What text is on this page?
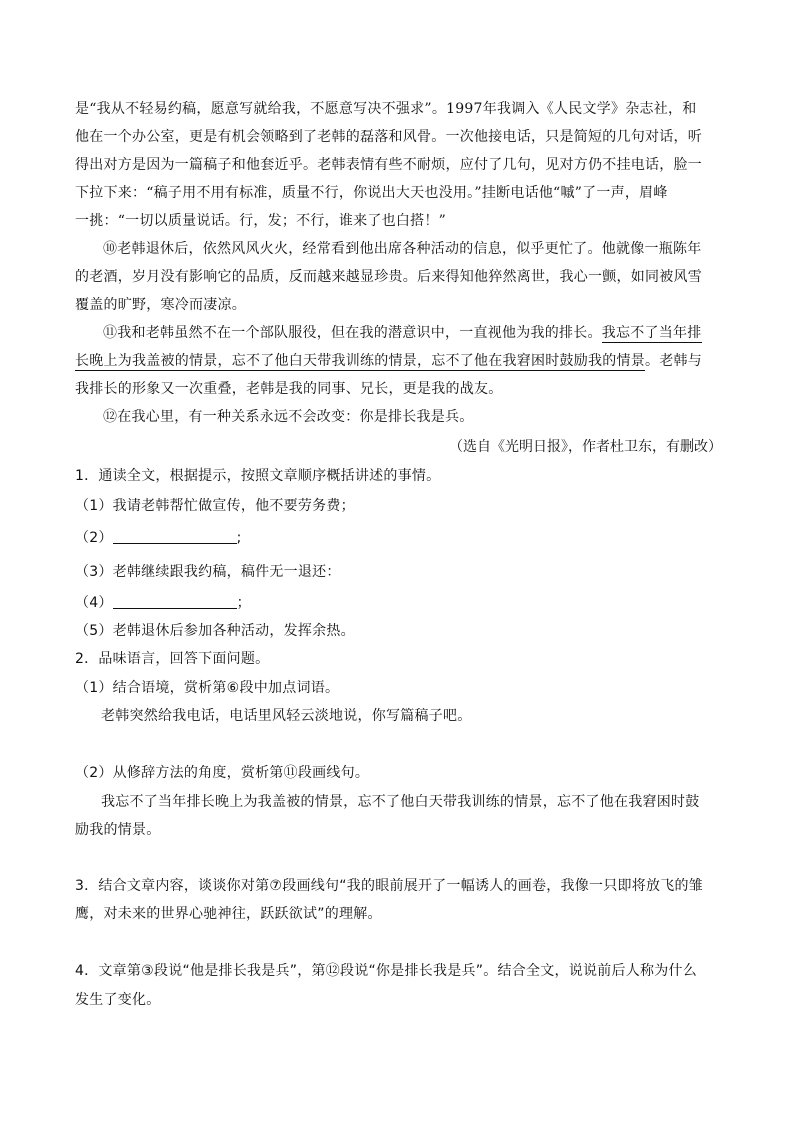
是“我从不轻易约稿，愿意写就给我，不愿意写决不强求”。1997年我调入《人民文学》杂志社，和
他在一个办公室，更是有机会领略到了老韩的磊落和风骨。一次他接电话，只是简短的几句对话，听
得出对方是因为一篇稿子和他套近乎。老韩表情有些不耐烦，应付了几句，见对方仍不挂电话，脸一
下拉下来：“稿子用不用有标准，质量不行，你说出大天也没用。”挂断电话他“嘁”了一声，眉峰
一挑：“一切以质量说话。行，发；不行，谁来了也白搭！”
⑩老韩退休后，依然风风火火，经常看到他出席各种活动的信息，似乎更忙了。他就像一瓶陈年
的老酒，岁月没有影响它的品质，反而越来越显珍贵。后来得知他猝然离世，我心一颤，如同被风雪
覆盖的旷野，寒冷而凄凉。
⑪我和老韩虽然不在一个部队服役，但在我的潜意识中，一直视他为我的排长。我忘不了当年排
长晚上为我盖被的情景，忘不了他白天带我训练的情景，忘不了他在我窘困时鼓励我的情景。老韩与
我排长的形象又一次重叠，老韩是我的同事、兄长，更是我的战友。
⑫在我心里，有一种关系永远不会改变：你是排长我是兵。
（选自《光明日报》，作者杜卫东，有删改）
1．通读全文，根据提示，按照文章顺序概括讲述的事情。
（1）我请老韩帮忙做宣传，他不要劳务费；
（2）	;
（3）老韩继续跟我约稿，稿件无一退还：
（4）	；
（5）老韩退休后参加各种活动，发挥余热。
2．品味语言，回答下面问题。
（1）结合语境，赏析第⑥段中加点词语。
老韩突然给我电话，电话里风轻云淡地说，你写篇稿子吧。
（2）从修辞方法的角度，赏析第⑪段画线句。
我忘不了当年排长晚上为我盖被的情景，忘不了他白天带我训练的情景，忘不了他在我窘困时鼓
励我的情景。
3．结合文章内容，谈谈你对第⑦段画线句“我的眼前展开了一幅诱人的画卷，我像一只即将放飞的雏
鹰，对未来的世界心驰神往，跃跃欲试”的理解。
4．文章第③段说“他是排长我是兵”，第⑫段说“你是排长我是兵”。结合全文，说说前后人称为什么
发生了变化。
